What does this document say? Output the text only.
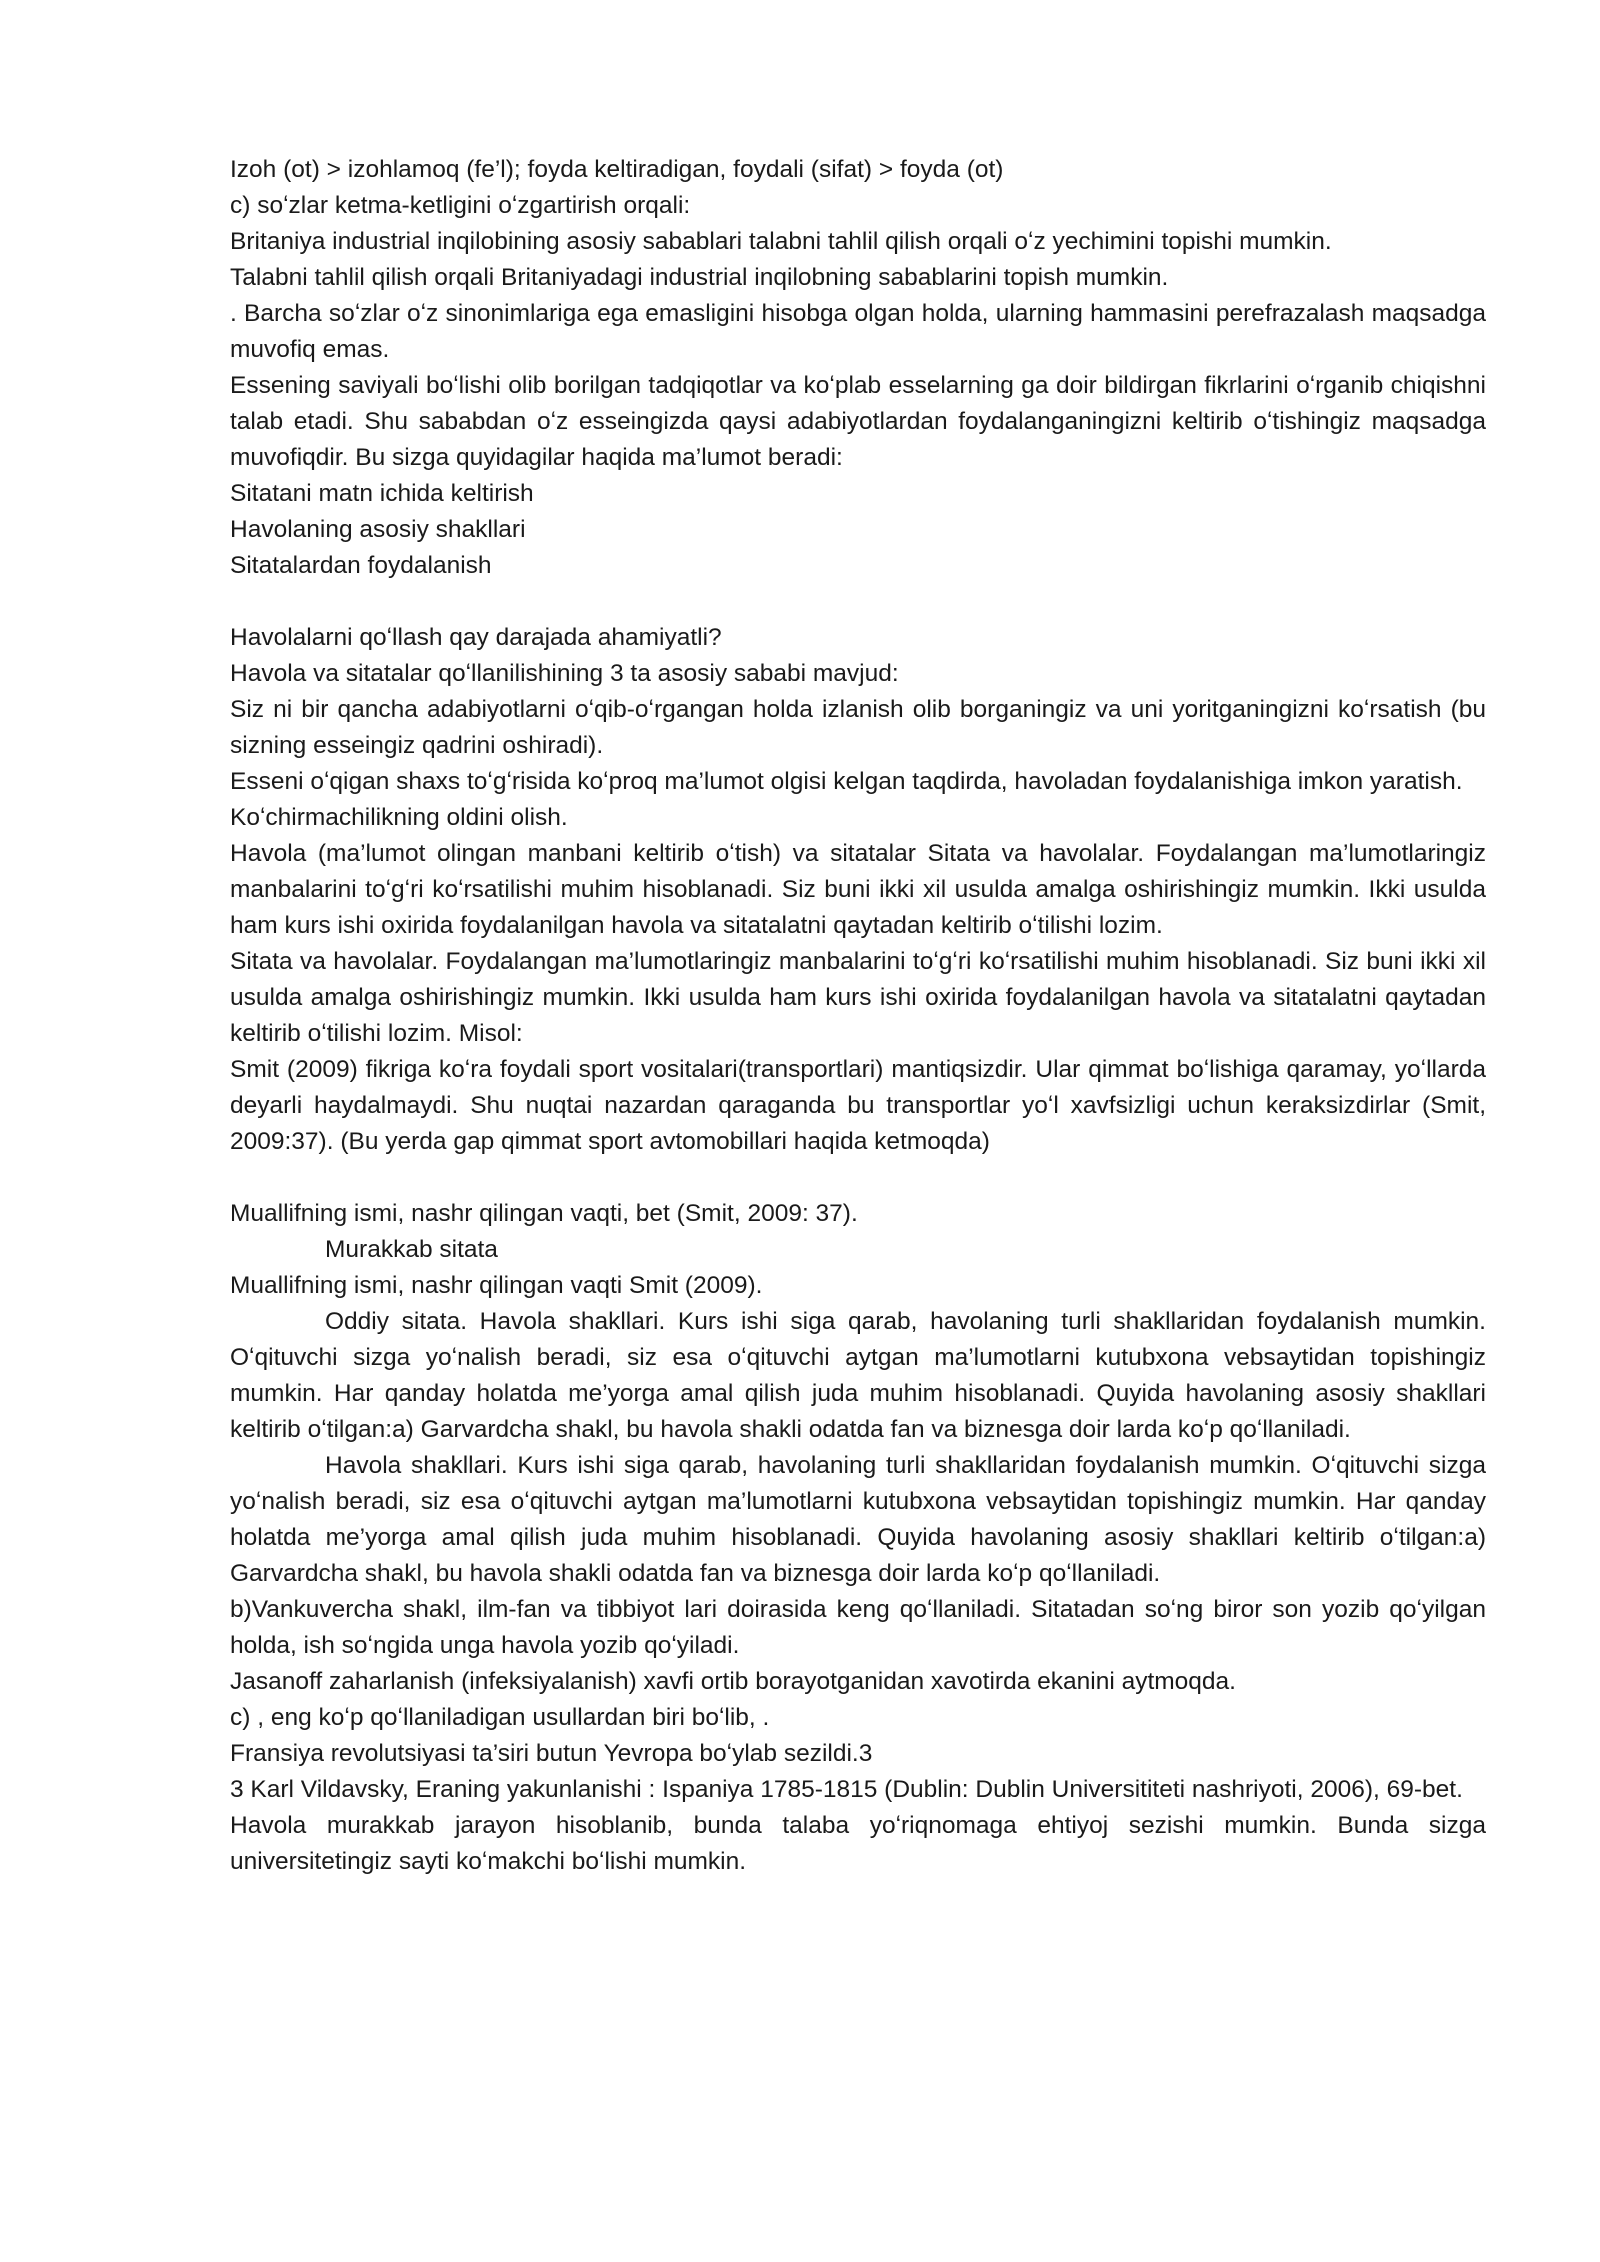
Izoh (ot) > izohlamoq (fe’l); foyda keltiradigan, foydali (sifat) > foyda (ot)

c) soʻzlar ketma-ketligini oʻzgartirish orqali:

Britaniya industrial inqilobining asosiy sabablari talabni tahlil qilish orqali oʻz yechimini topishi mumkin.

Talabni tahlil qilish orqali Britaniyadagi industrial inqilobning sabablarini topish mumkin.

. Barcha soʻzlar oʻz sinonimlariga ega emasligini hisobga olgan holda, ularning hammasini perefrazalash maqsadga muvofiq emas.

Essening saviyali boʻlishi olib borilgan tadqiqotlar va koʻplab esselarning ga doir bildirgan fikrlarini oʻrganib chiqishni talab etadi. Shu sababdan oʻz esseingizda qaysi adabiyotlardan foydalanganingizni keltirib oʻtishingiz maqsadga muvofiqdir. Bu sizga quyidagilar haqida ma’lumot beradi:

Sitatani matn ichida keltirish

Havolaning asosiy shakllari

Sitatalardan foydalanish

Havolalarni qoʻllash qay darajada ahamiyatli?

Havola va sitatalar qoʻllanilishining 3 ta asosiy sababi mavjud:

Siz ni bir qancha adabiyotlarni oʻqib-oʻrgangan holda izlanish olib borganingiz va uni yoritganingizni koʻrsatish (bu sizning esseingiz qadrini oshiradi).

Esseni oʻqigan shaxs toʻgʻrisida koʻproq ma’lumot olgisi kelgan taqdirda, havoladan foydalanishiga imkon yaratish.

Koʻchirmachilikning oldini olish.

Havola (ma’lumot olingan manbani keltirib oʻtish) va sitatalar Sitata va havolalar. Foydalangan ma’lumotlaringiz manbalarini toʻgʻri koʻrsatilishi muhim hisoblanadi. Siz buni ikki xil usulda amalga oshirishingiz mumkin. Ikki usulda ham kurs ishi oxirida foydalanilgan havola va sitatalatni qaytadan keltirib oʻtilishi lozim.

Sitata va havolalar. Foydalangan ma’lumotlaringiz manbalarini toʻgʻri koʻrsatilishi muhim hisoblanadi. Siz buni ikki xil usulda amalga oshirishingiz mumkin. Ikki usulda ham kurs ishi oxirida foydalanilgan havola va sitatalatni qaytadan keltirib oʻtilishi lozim. Misol:

Smit (2009) fikriga koʻra foydali sport vositalari(transportlari) mantiqsizdir. Ular qimmat boʻlishiga qaramay, yoʻllarda deyarli haydalmaydi. Shu nuqtai nazardan qaraganda bu transportlar yoʻl xavfsizligi uchun keraksizdirlar (Smit, 2009:37). (Bu yerda gap qimmat sport avtomobillari haqida ketmoqda)

Muallifning ismi, nashr qilingan vaqti, bet (Smit, 2009: 37).

Murakkab sitata

Muallifning ismi, nashr qilingan vaqti Smit (2009).

Oddiy sitata. Havola shakllari. Kurs ishi siga qarab, havolaning turli shakllaridan foydalanish mumkin. Oʻqituvchi sizga yoʻnalish beradi, siz esa oʻqituvchi aytgan ma’lumotlarni kutubxona vebsaytidan topishingiz mumkin. Har qanday holatda me’yorga amal qilish juda muhim hisoblanadi. Quyida havolaning asosiy shakllari keltirib oʻtilgan:a) Garvardcha shakl, bu havola shakli odatda fan va biznesga doir larda koʻp qoʻllaniladi.

Havola shakllari. Kurs ishi siga qarab, havolaning turli shakllaridan foydalanish mumkin. Oʻqituvchi sizga yoʻnalish beradi, siz esa oʻqituvchi aytgan ma’lumotlarni kutubxona vebsaytidan topishingiz mumkin. Har qanday holatda me’yorga amal qilish juda muhim hisoblanadi. Quyida havolaning asosiy shakllari keltirib oʻtilgan:a) Garvardcha shakl, bu havola shakli odatda fan va biznesga doir larda koʻp qoʻllaniladi.

b)Vankuvercha shakl, ilm-fan va tibbiyot lari doirasida keng qoʻllaniladi. Sitatadan soʻng biror son yozib qoʻyilgan holda, ish soʻngida unga havola yozib qoʻyiladi.

Jasanoff zaharlanish (infeksiyalanish) xavfi ortib borayotganidan xavotirda ekanini aytmoqda.

c) , eng koʻp qoʻllaniladigan usullardan biri boʻlib, .

Fransiya revolutsiyasi ta’siri butun Yevropa boʻylab sezildi.3

3 Karl Vildavsky, Eraning yakunlanishi : Ispaniya 1785-1815 (Dublin: Dublin Universititeti nashriyoti, 2006), 69-bet.

Havola murakkab jarayon hisoblanib, bunda talaba yoʻriqnomaga ehtiyoj sezishi mumkin. Bunda sizga universitetingiz sayti koʻmakchi boʻlishi mumkin.
